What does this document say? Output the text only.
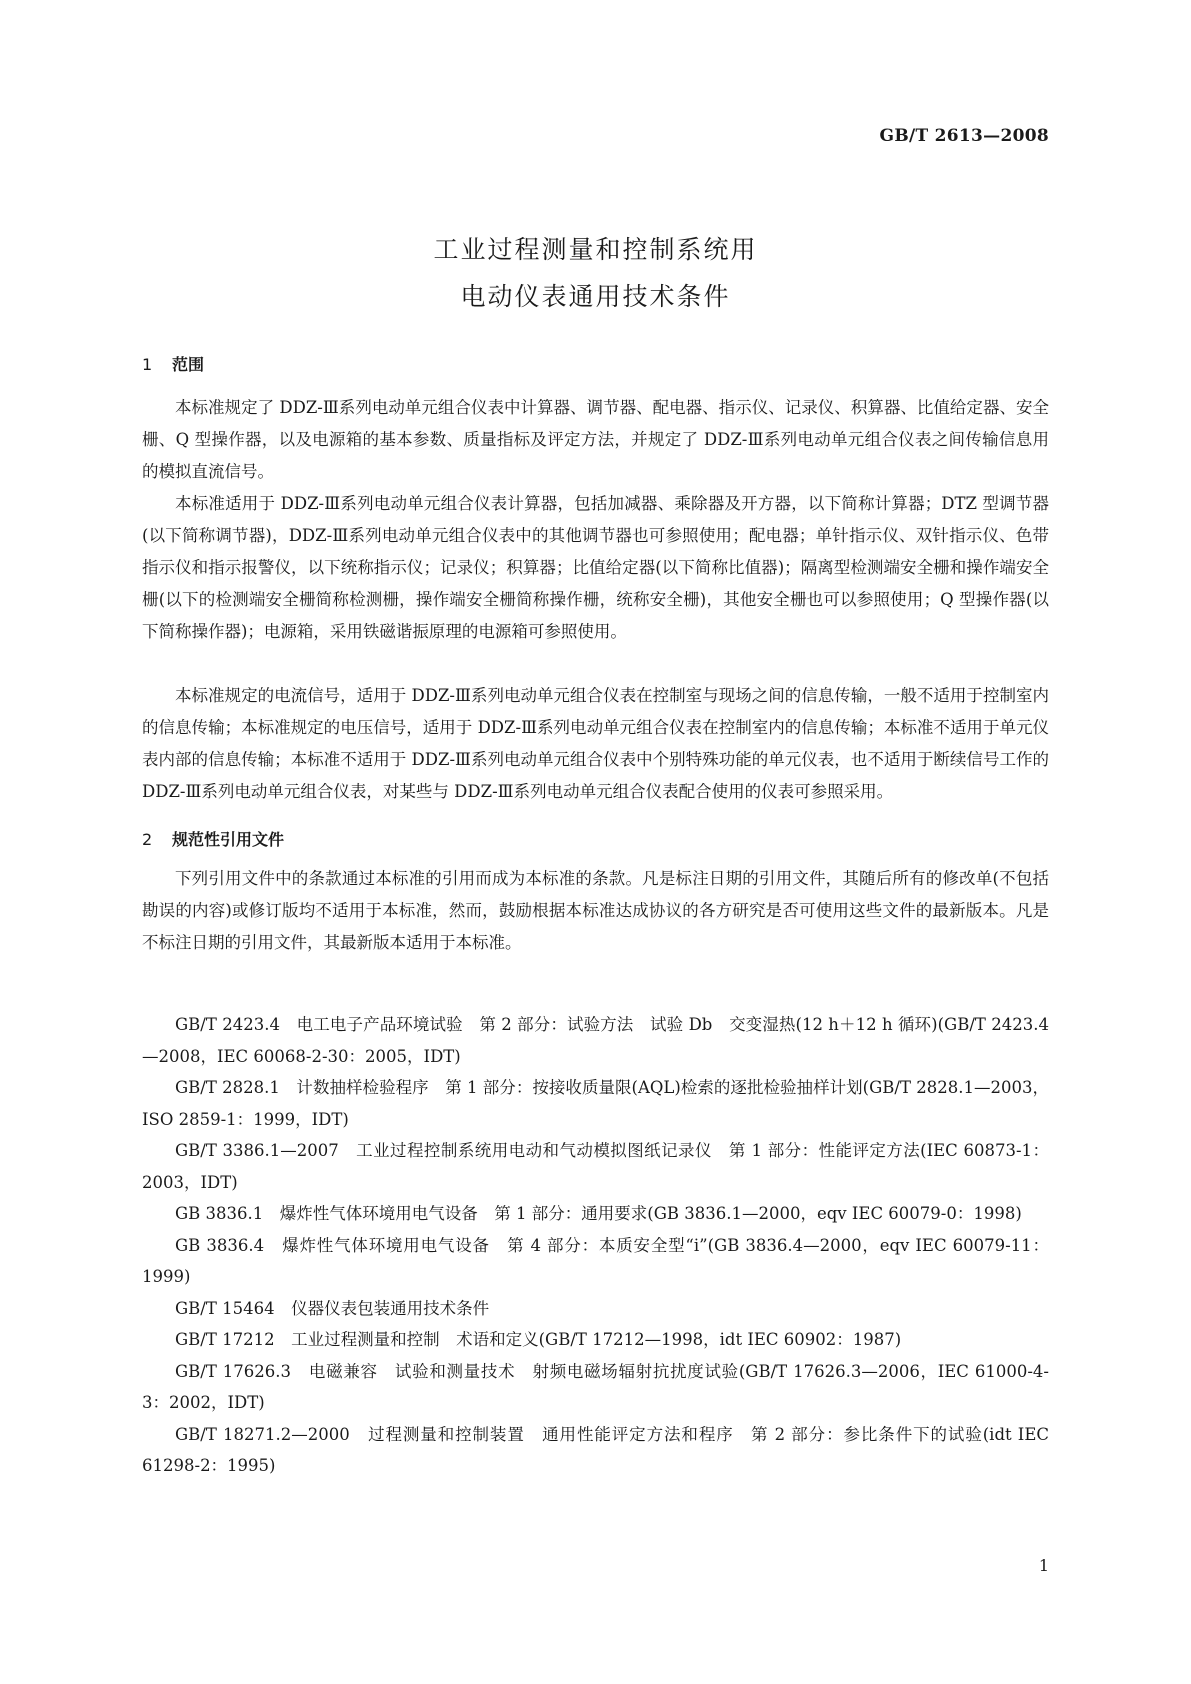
GB/T 2613—2008
工业过程测量和控制系统用
电动仪表通用技术条件
1 范围

本标准规定了 DDZ-Ⅲ系列电动单元组合仪表中计算器、调节器、配电器、指示仪、记录仪、积算器、比值给定器、安全栅、Q 型操作器，以及电源箱的基本参数、质量指标及评定方法，并规定了 DDZ-Ⅲ系列电动单元组合仪表之间传输信息用的模拟直流信号。

本标准适用于 DDZ-Ⅲ系列电动单元组合仪表计算器，包括加减器、乘除器及开方器，以下简称计算器；DTZ 型调节器(以下简称调节器)，DDZ-Ⅲ系列电动单元组合仪表中的其他调节器也可参照使用；配电器；单针指示仪、双针指示仪、色带指示仪和指示报警仪，以下统称指示仪；记录仪；积算器；比值给定器(以下简称比值器)；隔离型检测端安全栅和操作端安全栅(以下的检测端安全栅简称检测栅，操作端安全栅简称操作栅，统称安全栅)，其他安全栅也可以参照使用；Q 型操作器(以下简称操作器)；电源箱，采用铁磁谐振原理的电源箱可参照使用。

本标准规定的电流信号，适用于 DDZ-Ⅲ系列电动单元组合仪表在控制室与现场之间的信息传输，一般不适用于控制室内的信息传输；本标准规定的电压信号，适用于 DDZ-Ⅲ系列电动单元组合仪表在控制室内的信息传输；本标准不适用于单元仪表内部的信息传输；本标准不适用于 DDZ-Ⅲ系列电动单元组合仪表中个别特殊功能的单元仪表，也不适用于断续信号工作的 DDZ-Ⅲ系列电动单元组合仪表，对某些与 DDZ-Ⅲ系列电动单元组合仪表配合使用的仪表可参照采用。

2 规范性引用文件

下列引用文件中的条款通过本标准的引用而成为本标准的条款。凡是标注日期的引用文件，其随后所有的修改单(不包括勘误的内容)或修订版均不适用于本标准，然而，鼓励根据本标准达成协议的各方研究是否可使用这些文件的最新版本。凡是不标注日期的引用文件，其最新版本适用于本标准。

GB/T 2423.4　电工电子产品环境试验　第 2 部分：试验方法　试验 Db　交变湿热(12 h＋12 h 循环)(GB/T 2423.4—2008，IEC 60068-2-30：2005，IDT)

GB/T 2828.1　计数抽样检验程序　第 1 部分：按接收质量限(AQL)检索的逐批检验抽样计划(GB/T 2828.1—2003，ISO 2859-1：1999，IDT)

GB/T 3386.1—2007　工业过程控制系统用电动和气动模拟图纸记录仪　第 1 部分：性能评定方法(IEC 60873-1：2003，IDT)

GB 3836.1　爆炸性气体环境用电气设备　第 1 部分：通用要求(GB 3836.1—2000，eqv IEC 60079-0：1998)

GB 3836.4　爆炸性气体环境用电气设备　第 4 部分：本质安全型“i”(GB 3836.4—2000，eqv IEC 60079-11：1999)

GB/T 15464　仪器仪表包装通用技术条件

GB/T 17212　工业过程测量和控制　术语和定义(GB/T 17212—1998，idt IEC 60902：1987)

GB/T 17626.3　电磁兼容　试验和测量技术　射频电磁场辐射抗扰度试验(GB/T 17626.3—2006，IEC 61000-4-3：2002，IDT)

GB/T 18271.2—2000　过程测量和控制装置　通用性能评定方法和程序　第 2 部分：参比条件下的试验(idt IEC 61298-2：1995)

1
